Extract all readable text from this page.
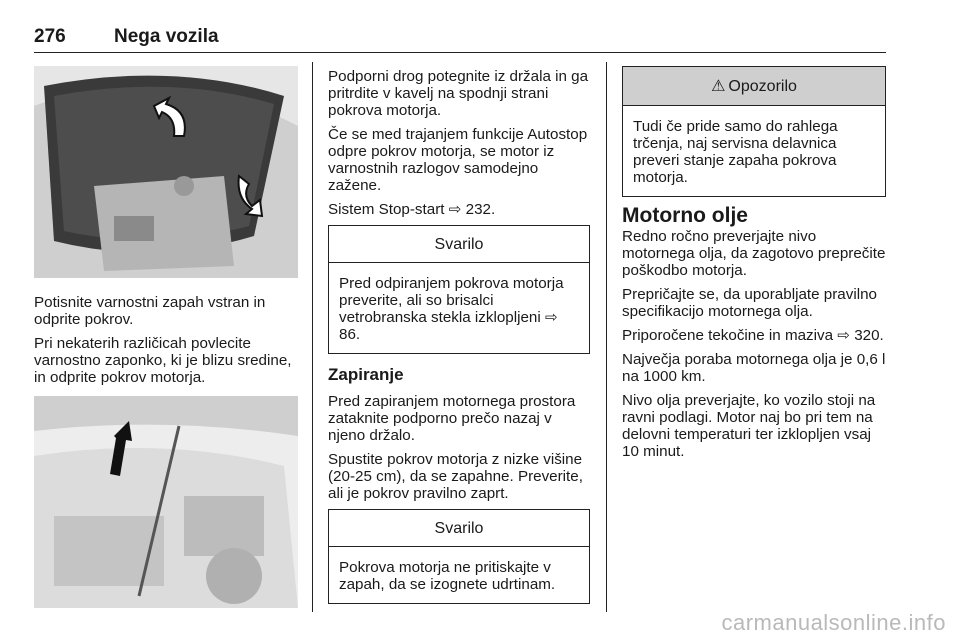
276	Nega vozila

Potisnite varnostni zapah vstran in odprite pokrov.

Pri nekaterih različicah povlecite varnostno zaponko, ki je blizu sredine, in odprite pokrov motorja.

Podporni drog potegnite iz držala in ga pritrdite v kavelj na spodnji strani pokrova motorja.

Če se med trajanjem funkcije Autostop odpre pokrov motorja, se motor iz varnostnih razlogov samodejno zažene.

Sistem Stop-start ⇨ 232.

Svarilo
Pred odpiranjem pokrova motorja preverite, ali so brisalci vetrobranska stekla izklopljeni ⇨ 86.
Zapiranje

Pred zapiranjem motornega prostora zataknite podporno prečo nazaj v njeno držalo.

Spustite pokrov motorja z nizke višine (20-25 cm), da se zapahne. Preverite, ali je pokrov pravilno zaprt.

Svarilo
Pokrova motorja ne pritiskajte v zapah, da se izognete udrtinam.
⚠ Opozorilo
Tudi če pride samo do rahlega trčenja, naj servisna delavnica preveri stanje zapaha pokrova motorja.
Motorno olje

Redno ročno preverjajte nivo motornega olja, da zagotovo preprečite poškodbo motorja.

Prepričajte se, da uporabljate pravilno specifikacijo motornega olja.

Priporočene tekočine in maziva ⇨ 320.

Največja poraba motornega olja je 0,6 l na 1000 km.

Nivo olja preverjajte, ko vozilo stoji na ravni podlagi. Motor naj bo pri tem na delovni temperaturi ter izklopljen vsaj 10 minut.

carmanualsonline.info
